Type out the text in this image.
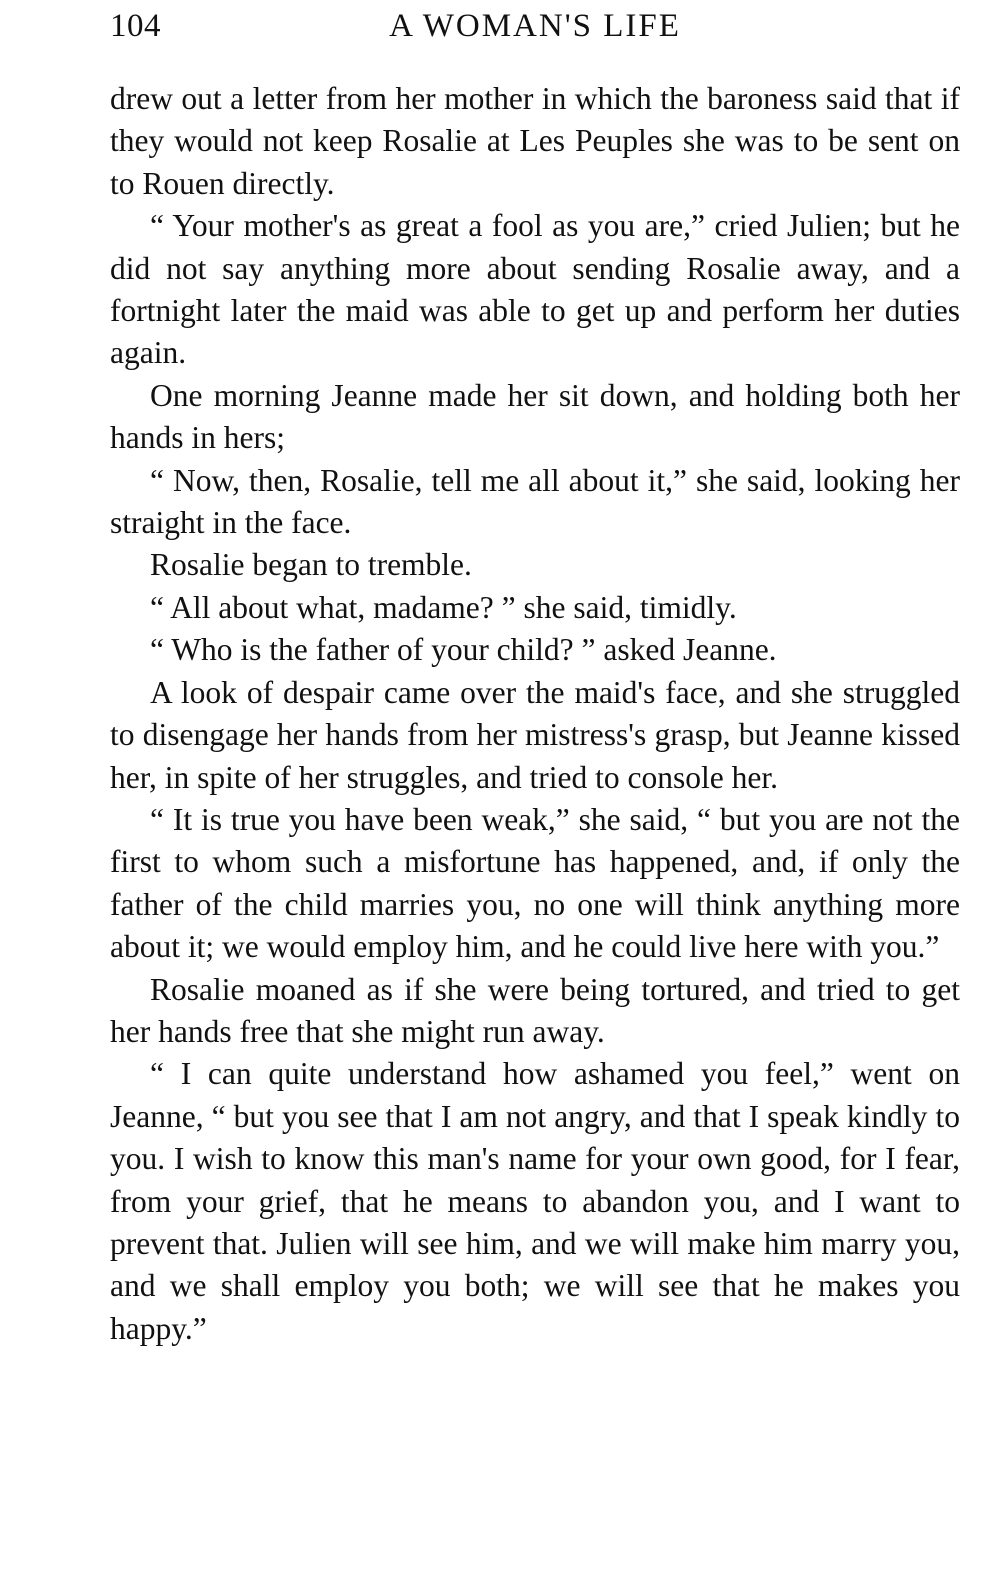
104	A WOMAN'S LIFE

drew out a letter from her mother in which the baroness said that if they would not keep Rosalie at Les Peuples she was to be sent on to Rouen directly.

“ Your mother's as great a fool as you are,” cried Julien; but he did not say anything more about sending Rosalie away, and a fortnight later the maid was able to get up and perform her duties again.

One morning Jeanne made her sit down, and holding both her hands in hers;

“ Now, then, Rosalie, tell me all about it,” she said, looking her straight in the face.

Rosalie began to tremble.

“ All about what, madame? ” she said, timidly.

“ Who is the father of your child? ” asked Jeanne.

A look of despair came over the maid's face, and she struggled to disengage her hands from her mistress's grasp, but Jeanne kissed her, in spite of her struggles, and tried to console her.

“ It is true you have been weak,” she said, “ but you are not the first to whom such a misfortune has happened, and, if only the father of the child marries you, no one will think anything more about it; we would employ him, and he could live here with you.”

Rosalie moaned as if she were being tortured, and tried to get her hands free that she might run away.

“ I can quite understand how ashamed you feel,” went on Jeanne, “ but you see that I am not angry, and that I speak kindly to you. I wish to know this man's name for your own good, for I fear, from your grief, that he means to abandon you, and I want to prevent that. Julien will see him, and we will make him marry you, and we shall employ you both; we will see that he makes you happy.”
